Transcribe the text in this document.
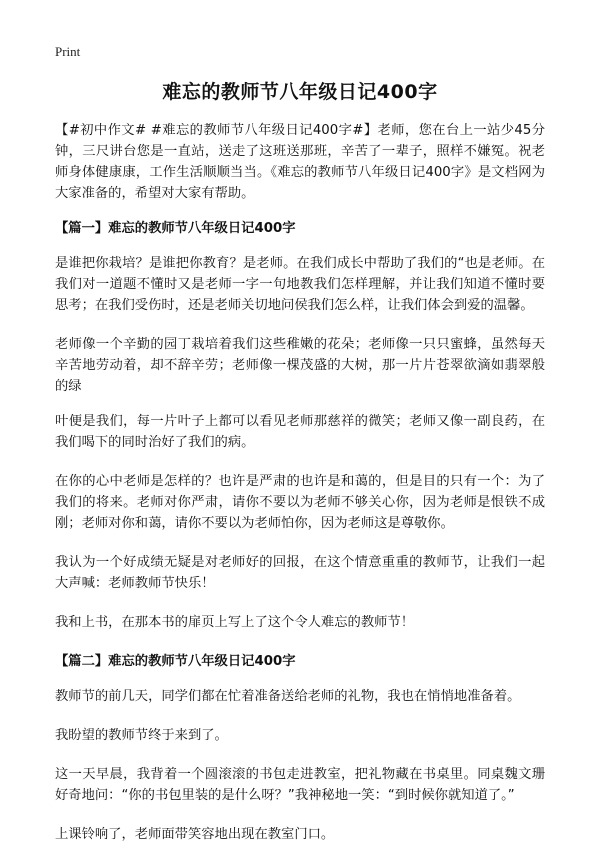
Print
难忘的教师节八年级日记400字

【#初中作文# #难忘的教师节八年级日记400字#】老师，您在台上一站少45分钟，三尺讲台您是一直站，送走了这班送那班，辛苦了一辈子，照样不嫌冤。祝老师身体健康康，工作生活顺顺当当。《难忘的教师节八年级日记400字》是文档网为大家准备的，希望对大家有帮助。

【篇一】难忘的教师节八年级日记400字

是谁把你栽培？是谁把你教育？是老师。在我们成长中帮助了我们的“也是老师。在我们对一道题不懂时又是老师一字一句地教我们怎样理解，并让我们知道不懂时要思考；在我们受伤时，还是老师关切地问侯我们怎么样，让我们体会到爱的温馨。

老师像一个辛勤的园丁栽培着我们这些稚嫩的花朵；老师像一只只蜜蜂，虽然每天辛苦地劳动着，却不辞辛劳；老师像一棵茂盛的大树，那一片片苍翠欲滴如翡翠般的绿

叶便是我们，每一片叶子上都可以看见老师那慈祥的微笑；老师又像一副良药，在我们喝下的同时治好了我们的病。

在你的心中老师是怎样的？也许是严肃的也许是和蔼的，但是目的只有一个：为了我们的将来。老师对你严肃，请你不要以为老师不够关心你，因为老师是恨铁不成刚；老师对你和蔼，请你不要以为老师怕你，因为老师这是尊敬你。

我认为一个好成绩无疑是对老师好的回报，在这个情意重重的教师节，让我们一起大声喊：老师教师节快乐！

我和上书，在那本书的扉页上写上了这个令人难忘的教师节！

【篇二】难忘的教师节八年级日记400字

教师节的前几天，同学们都在忙着准备送给老师的礼物，我也在悄悄地准备着。

我盼望的教师节终于来到了。

这一天早晨，我背着一个圆滚滚的书包走进教室，把礼物藏在书桌里。同桌魏文珊好奇地问：“你的书包里装的是什么呀？”我神秘地一笑：“到时候你就知道了。”

上课铃响了，老师面带笑容地出现在教室门口。
